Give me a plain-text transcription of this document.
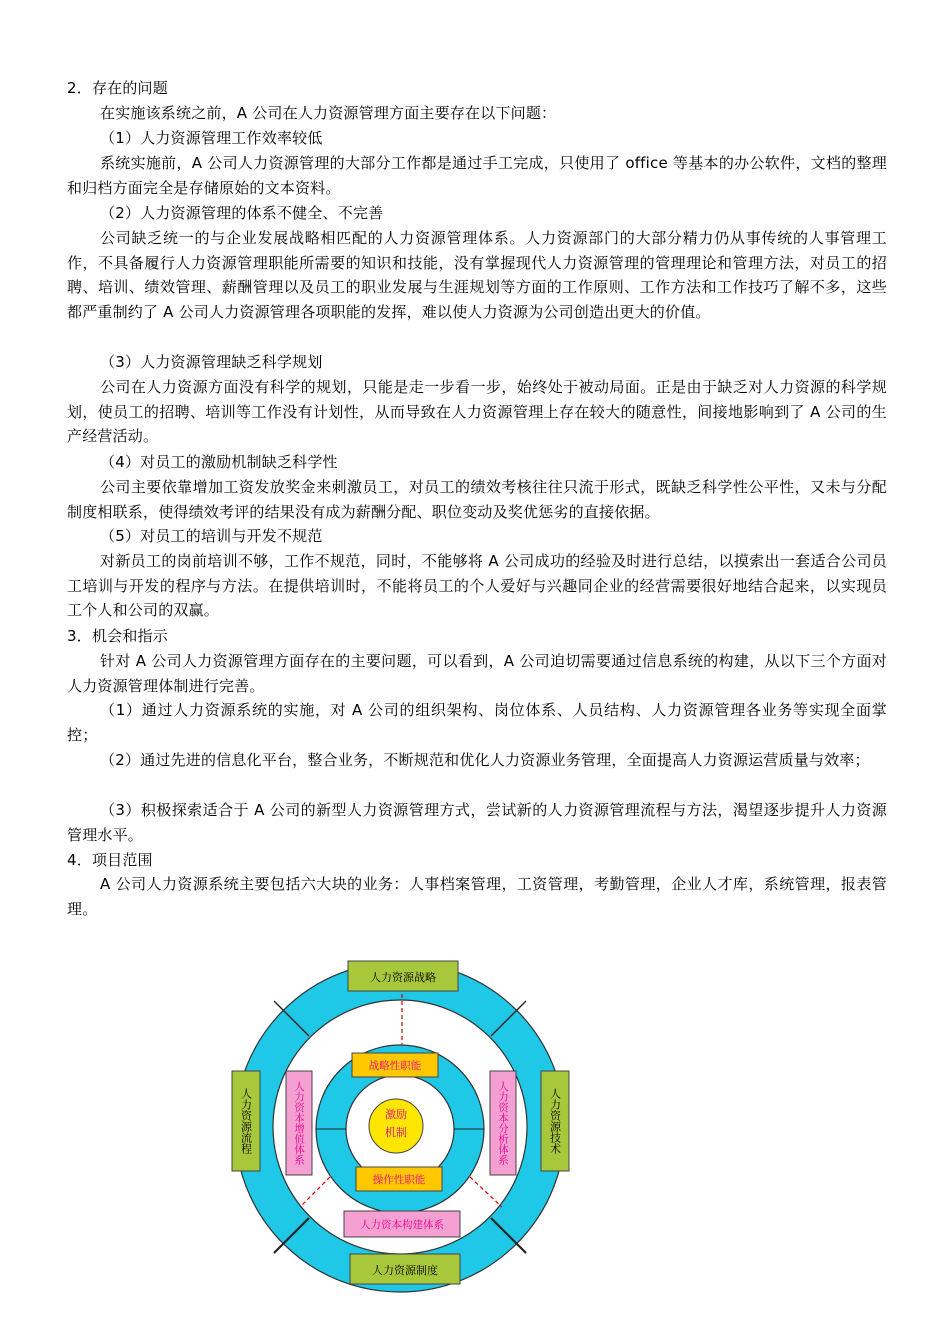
2．存在的问题

在实施该系统之前，A 公司在人力资源管理方面主要存在以下问题：

（1）人力资源管理工作效率较低

系统实施前，A 公司人力资源管理的大部分工作都是通过手工完成，只使用了 office 等基本的办公软件，文档的整理和归档方面完全是存储原始的文本资料。

（2）人力资源管理的体系不健全、不完善

公司缺乏统一的与企业发展战略相匹配的人力资源管理体系。人力资源部门的大部分精力仍从事传统的人事管理工作，不具备履行人力资源管理职能所需要的知识和技能，没有掌握现代人力资源管理的管理理论和管理方法，对员工的招聘、培训、绩效管理、薪酬管理以及员工的职业发展与生涯规划等方面的工作原则、工作方法和工作技巧了解不多，这些都严重制约了 A 公司人力资源管理各项职能的发挥，难以使人力资源为公司创造出更大的价值。

（3）人力资源管理缺乏科学规划

公司在人力资源方面没有科学的规划，只能是走一步看一步，始终处于被动局面。正是由于缺乏对人力资源的科学规划，使员工的招聘、培训等工作没有计划性，从而导致在人力资源管理上存在较大的随意性，间接地影响到了 A 公司的生产经营活动。

（4）对员工的激励机制缺乏科学性

公司主要依靠增加工资发放奖金来刺激员工，对员工的绩效考核往往只流于形式，既缺乏科学性公平性，又未与分配制度相联系，使得绩效考评的结果没有成为薪酬分配、职位变动及奖优惩劣的直接依据。

（5）对员工的培训与开发不规范

对新员工的岗前培训不够，工作不规范，同时，不能够将 A 公司成功的经验及时进行总结，以摸索出一套适合公司员工培训与开发的程序与方法。在提供培训时，不能将员工的个人爱好与兴趣同企业的经营需要很好地结合起来，以实现员工个人和公司的双赢。

3．机会和指示

针对 A 公司人力资源管理方面存在的主要问题，可以看到，A 公司迫切需要通过信息系统的构建，从以下三个方面对人力资源管理体制进行完善。

（1）通过人力资源系统的实施，对 A 公司的组织架构、岗位体系、人员结构、人力资源管理各业务等实现全面掌控；

（2）通过先进的信息化平台，整合业务，不断规范和优化人力资源业务管理，全面提高人力资源运营质量与效率；

（3）积极探索适合于 A 公司的新型人力资源管理方式，尝试新的人力资源管理流程与方法，渴望逐步提升人力资源管理水平。

4．项目范围

A 公司人力资源系统主要包括六大块的业务：人事档案管理，工资管理，考勤管理，企业人才库，系统管理，报表管理。

人力资源战略
人力资源制度
人力资源流程	人力资源技术
人力资本增值体系	人力资本分析体系
人力资本构建体系
战略性职能
操作性职能
激励
机制
